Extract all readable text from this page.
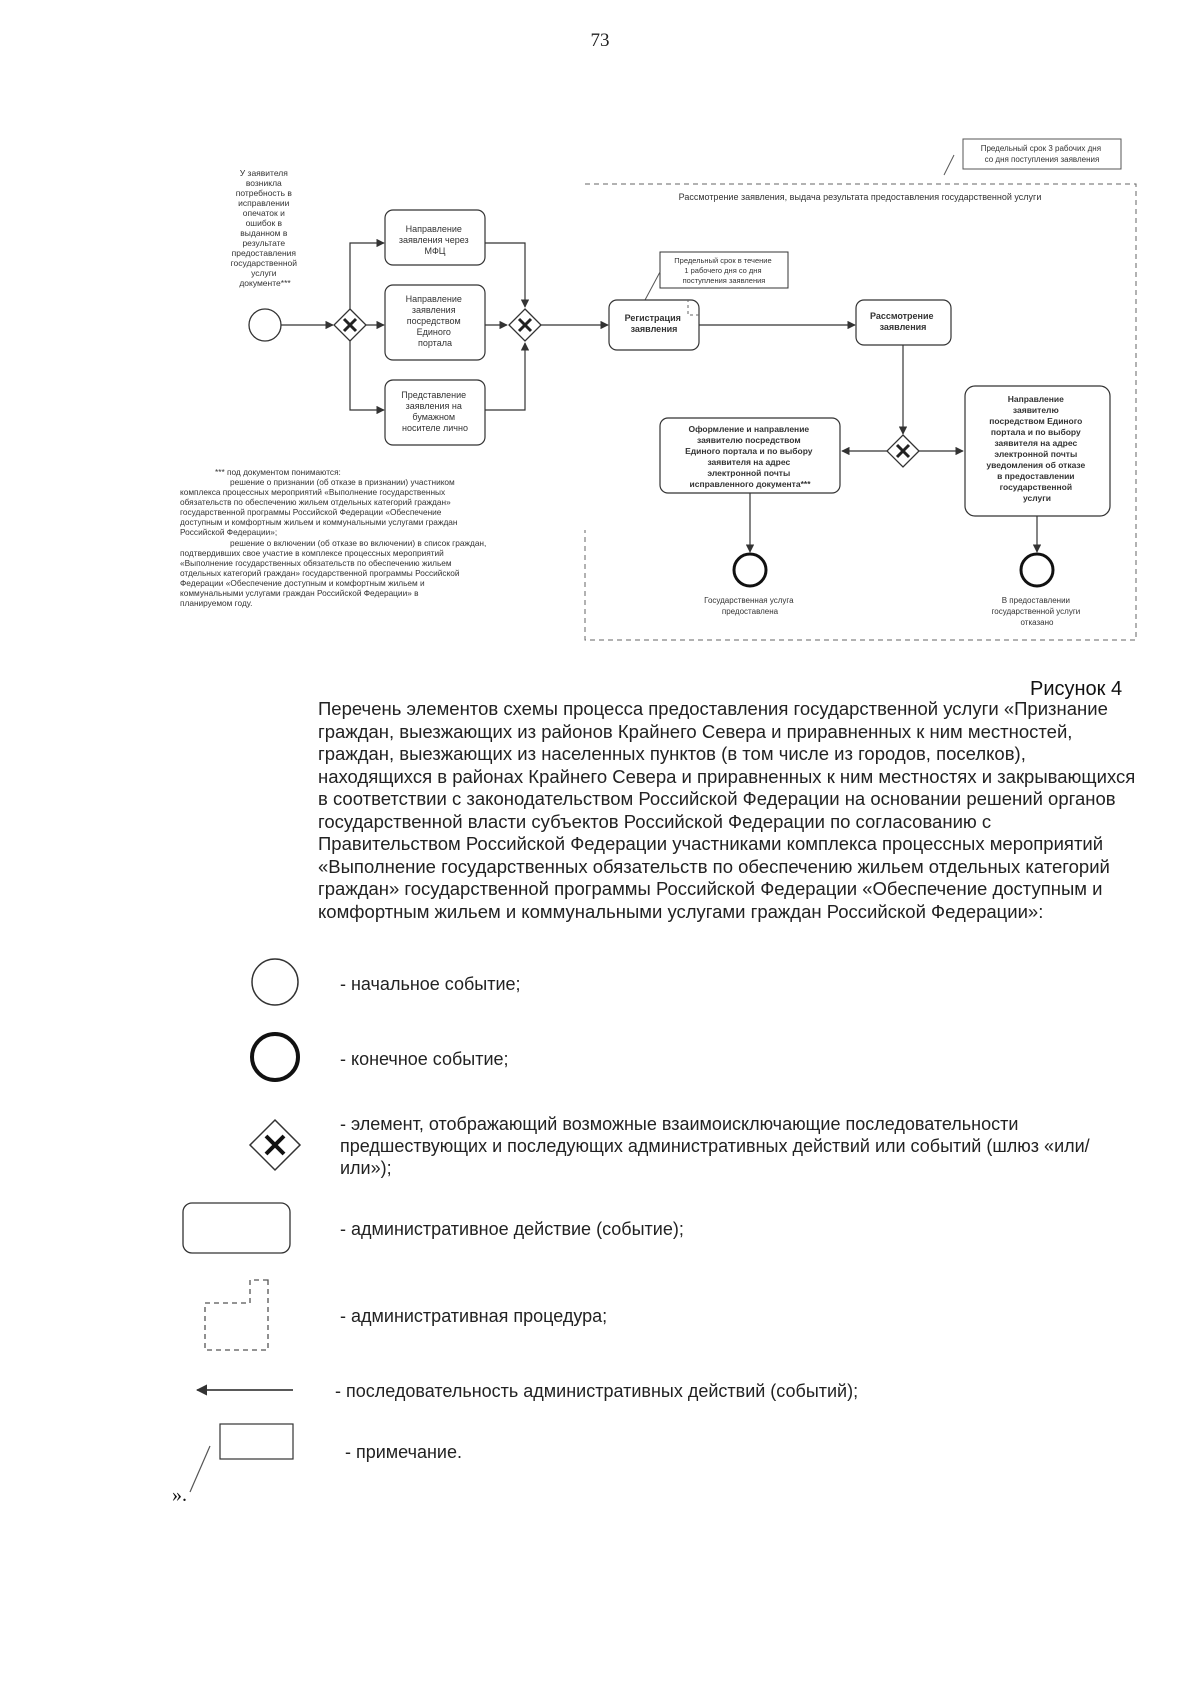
73
Предельный срок 3 рабочих дня со дня поступления заявления
Рассмотрение заявления, выдача результата предоставления государственной услуги
У заявителя возникла потребность в исправлении опечаток и ошибок в выданном в результате предоставления государственной услуги документе***
Направление заявления через МФЦ
Направление заявления посредством Единого портала
Представление заявления на бумажном носителе лично
Предельный срок в течение 1 рабочего дня со дня поступления заявления
Регистрация заявления
Рассмотрение заявления
Оформление и направление заявителю посредством Единого портала и по выбору заявителя на адрес электронной почты исправленного документа***
Направление заявителю посредством Единого портала и по выбору заявителя на адрес электронной почты уведомления об отказе в предоставлении государственной услуги
Государственная услуга предоставлена
В предоставлении государственной услуги отказано
*** под документом понимаются:
решение о признании (об отказе в признании) участником
комплекса процессных мероприятий «Выполнение государственных
обязательств по обеспечению жильем отдельных категорий граждан»
государственной программы Российской Федерации «Обеспечение
доступным и комфортным жильем и коммунальными услугами граждан
Российской Федерации»;
решение о включении (об отказе во включении) в список граждан,
подтвердивших свое участие в комплексе процессных мероприятий
«Выполнение государственных обязательств по обеспечению жильем
отдельных категорий граждан» государственной программы Российской
Федерации «Обеспечение доступным и комфортным жильем и
коммунальными услугами граждан Российской Федерации» в
планируемом году.
Рисунок 4

Перечень элементов схемы процесса предоставления государственной услуги «Признание граждан, выезжающих из районов Крайнего Севера и приравненных к ним местностей, граждан, выезжающих из населенных пунктов (в том числе из городов, поселков), находящихся в районах Крайнего Севера и приравненных к ним местностях и закрывающихся в соответствии с законодательством Российской Федерации на основании решений органов государственной власти субъектов Российской Федерации по согласованию с Правительством Российской Федерации участниками комплекса процессных мероприятий «Выполнение государственных обязательств по обеспечению жильем отдельных категорий граждан» государственной программы Российской Федерации «Обеспечение доступным и комфортным жильем и коммунальными услугами граждан Российской Федерации»:

- начальное событие;

- конечное событие;

- элемент, отображающий возможные взаимоисключающие последовательности предшествующих и последующих административных действий или событий (шлюз «или/или»);

- административное действие (событие);

- административная процедура;

- последовательность административных действий (событий);

- примечание.

».
